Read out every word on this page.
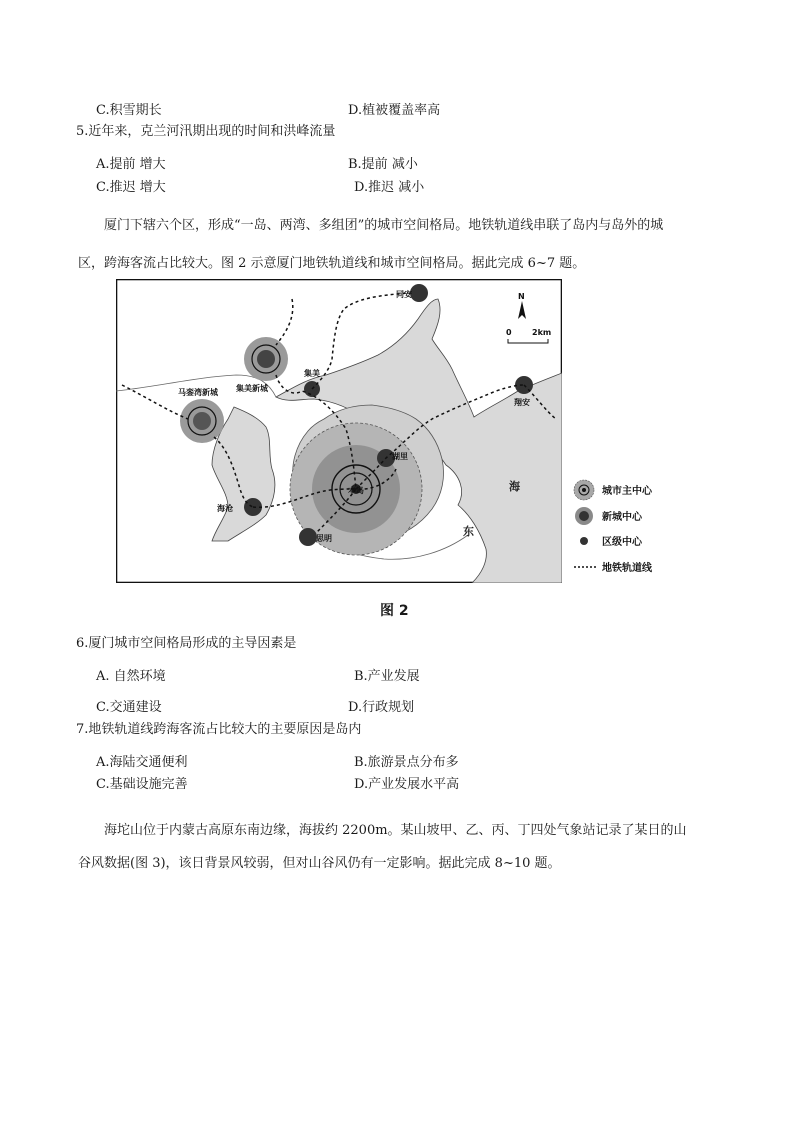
C.积雪期长	D.植被覆盖率高
5.近年来，克兰河汛期出现的时间和洪峰流量
A.提前 增大	B.提前 减小
C.推迟 增大	D.推迟 减小
厦门下辖六个区，形成“一岛、两湾、多组团”的城市空间格局。地铁轨道线串联了岛内与岛外的城
区，跨海客流占比较大。图 2 示意厦门地铁轨道线和城市空间格局。据此完成 6~7 题。
同安
集美新城
集美
马銮湾新城
翔安
湖里
本岛
海沧
思明
海
东
N
0	2km
城市主中心
新城中心
区级中心
地铁轨道线
图 2
6.厦门城市空间格局形成的主导因素是
A. 自然环境	B.产业发展
C.交通建设	D.行政规划
7.地铁轨道线跨海客流占比较大的主要原因是岛内
A.海陆交通便利	B.旅游景点分布多
C.基础设施完善	D.产业发展水平高
海坨山位于内蒙古高原东南边缘，海拔约 2200m。某山坡甲、乙、丙、丁四处气象站记录了某日的山
谷风数据(图 3)，该日背景风较弱，但对山谷风仍有一定影响。据此完成 8~10 题。
